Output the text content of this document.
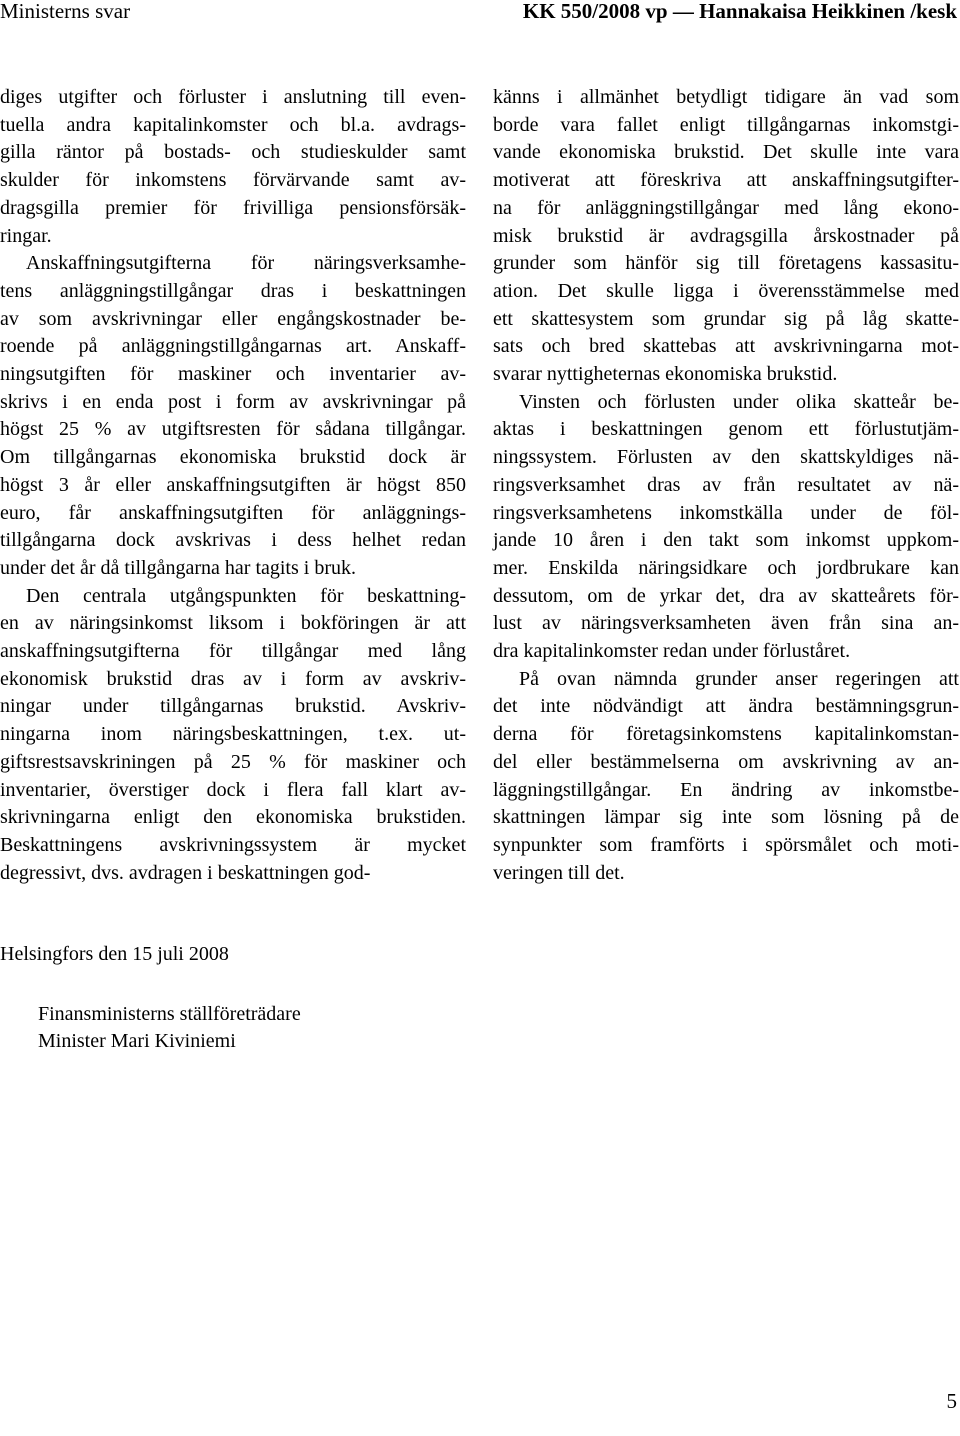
Ministerns svar	KK 550/2008 vp — Hannakaisa Heikkinen /kesk

diges utgifter och förluster i anslutning till even-
tuella andra kapitalinkomster och bl.a. avdrags-
gilla räntor på bostads- och studieskulder samt
skulder för inkomstens förvärvande samt av-
dragsgilla premier för frivilliga pensionsförsäk-
ringar.

Anskaffningsutgifterna för näringsverksamhe-
tens anläggningstillgångar dras i beskattningen
av som avskrivningar eller engångskostnader be-
roende på anläggningstillgångarnas art. Anskaff-
ningsutgiften för maskiner och inventarier av-
skrivs i en enda post i form av avskrivningar på
högst 25 % av utgiftsresten för sådana tillgångar.
Om tillgångarnas ekonomiska brukstid dock är
högst 3 år eller anskaffningsutgiften är högst 850
euro, får anskaffningsutgiften för anläggnings-
tillgångarna dock avskrivas i dess helhet redan
under det år då tillgångarna har tagits i bruk.

Den centrala utgångspunkten för beskattning-
en av näringsinkomst liksom i bokföringen är att
anskaffningsutgifterna för tillgångar med lång
ekonomisk brukstid dras av i form av avskriv-
ningar under tillgångarnas brukstid. Avskriv-
ningarna inom näringsbeskattningen, t.ex. ut-
giftsrestsavskriningen på 25 % för maskiner och
inventarier, överstiger dock i flera fall klart av-
skrivningarna enligt den ekonomiska brukstiden.
Beskattningens avskrivningssystem är mycket
degressivt, dvs. avdragen i beskattningen god-

känns i allmänhet betydligt tidigare än vad som
borde vara fallet enligt tillgångarnas inkomstgi-
vande ekonomiska brukstid. Det skulle inte vara
motiverat att föreskriva att anskaffningsutgifter-
na för anläggningstillgångar med lång ekono-
misk brukstid är avdragsgilla årskostnader på
grunder som hänför sig till företagens kassasitu-
ation. Det skulle ligga i överensstämmelse med
ett skattesystem som grundar sig på låg skatte-
sats och bred skattebas att avskrivningarna mot-
svarar nyttigheternas ekonomiska brukstid.

Vinsten och förlusten under olika skatteår be-
aktas i beskattningen genom ett förlustutjäm-
ningssystem. Förlusten av den skattskyldiges nä-
ringsverksamhet dras av från resultatet av nä-
ringsverksamhetens inkomstkälla under de föl-
jande 10 åren i den takt som inkomst uppkom-
mer. Enskilda näringsidkare och jordbrukare kan
dessutom, om de yrkar det, dra av skatteårets för-
lust av näringsverksamheten även från sina an-
dra kapitalinkomster redan under förluståret.

På ovan nämnda grunder anser regeringen att
det inte nödvändigt att ändra bestämningsgrun-
derna för företagsinkomstens kapitalinkomstan-
del eller bestämmelserna om avskrivning av an-
läggningstillgångar. En ändring av inkomstbe-
skattningen lämpar sig inte som lösning på de
synpunkter som framförts i spörsmålet och moti-
veringen till det.

Helsingfors den 15 juli 2008
Finansministerns ställföreträdare
Minister Mari Kiviniemi
5
